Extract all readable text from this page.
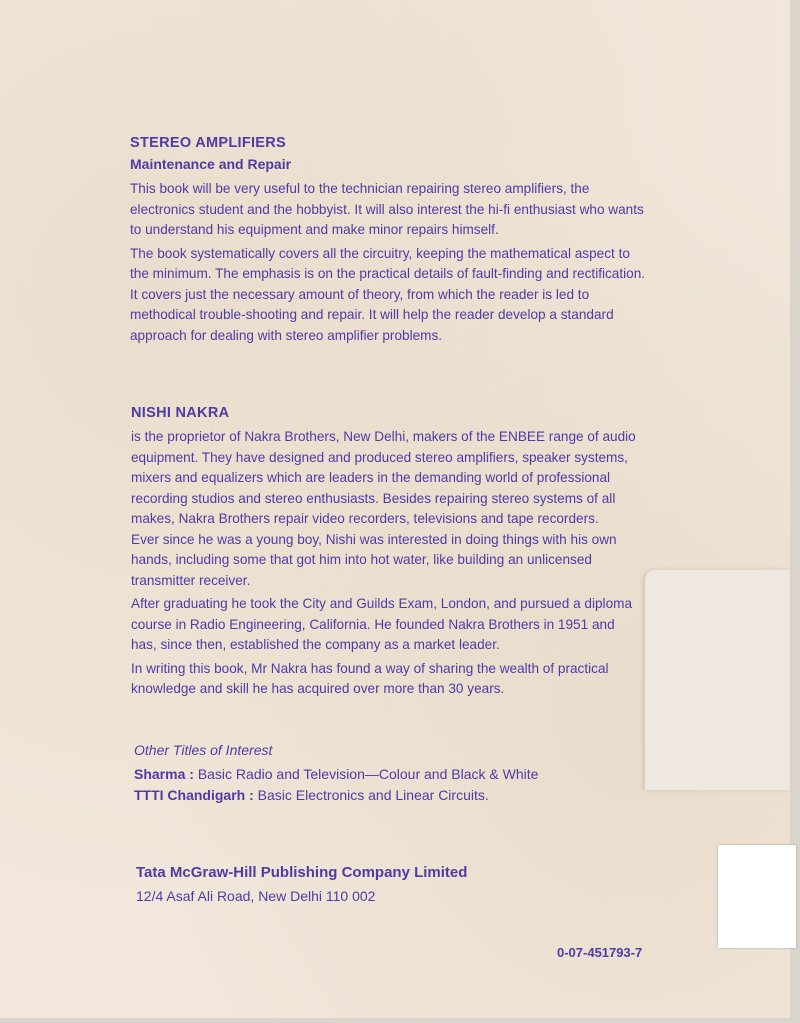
STEREO AMPLIFIERS
Maintenance and Repair

This book will be very useful to the technician repairing stereo amplifiers, the electronics student and the hobbyist. It will also interest the hi-fi enthusiast who wants to understand his equipment and make minor repairs himself.

The book systematically covers all the circuitry, keeping the mathematical aspect to the minimum. The emphasis is on the practical details of fault-finding and rectification. It covers just the necessary amount of theory, from which the reader is led to methodical trouble-shooting and repair. It will help the reader develop a standard approach for dealing with stereo amplifier problems.

NISHI NAKRA

is the proprietor of Nakra Brothers, New Delhi, makers of the ENBEE range of audio equipment. They have designed and produced stereo amplifiers, speaker systems, mixers and equalizers which are leaders in the demanding world of professional recording studios and stereo enthusiasts. Besides repairing stereo systems of all makes, Nakra Brothers repair video recorders, televisions and tape recorders.

Ever since he was a young boy, Nishi was interested in doing things with his own hands, including some that got him into hot water, like building an unlicensed transmitter receiver.

After graduating he took the City and Guilds Exam, London, and pursued a diploma course in Radio Engineering, California. He founded Nakra Brothers in 1951 and has, since then, established the company as a market leader.

In writing this book, Mr Nakra has found a way of sharing the wealth of practical knowledge and skill he has acquired over more than 30 years.

Other Titles of Interest
Sharma : Basic Radio and Television—Colour and Black & White
TTTI Chandigarh : Basic Electronics and Linear Circuits.
Tata McGraw-Hill Publishing Company Limited
12/4 Asaf Ali Road, New Delhi 110 002
0-07-451793-7
